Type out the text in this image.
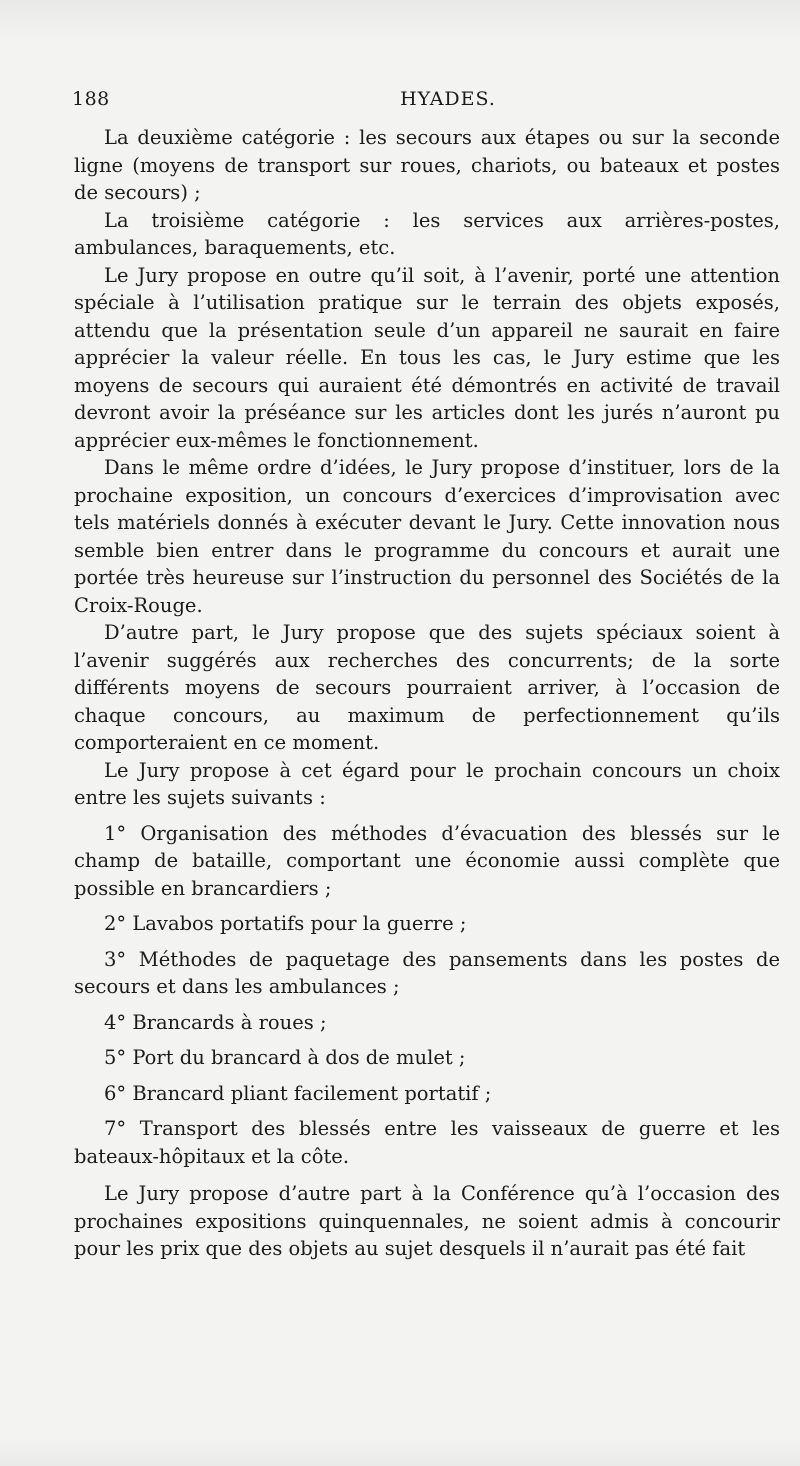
188	HYADES.

La deuxième catégorie : les secours aux étapes ou sur la seconde ligne (moyens de transport sur roues, chariots, ou bateaux et postes de secours) ;

La troisième catégorie : les services aux arrières-postes, ambulances, baraquements, etc.

Le Jury propose en outre qu’il soit, à l’avenir, porté une attention spéciale à l’utilisation pratique sur le terrain des objets exposés, attendu que la présentation seule d’un appareil ne saurait en faire apprécier la valeur réelle. En tous les cas, le Jury estime que les moyens de secours qui auraient été démontrés en activité de travail devront avoir la préséance sur les articles dont les jurés n’auront pu apprécier eux-mêmes le fonctionnement.

Dans le même ordre d’idées, le Jury propose d’instituer, lors de la prochaine exposition, un concours d’exercices d’improvisation avec tels matériels donnés à exécuter devant le Jury. Cette innovation nous semble bien entrer dans le programme du concours et aurait une portée très heureuse sur l’instruction du personnel des Sociétés de la Croix-Rouge.

D’autre part, le Jury propose que des sujets spéciaux soient à l’avenir suggérés aux recherches des concurrents; de la sorte différents moyens de secours pourraient arriver, à l’occasion de chaque concours, au maximum de perfectionnement qu’ils comporteraient en ce moment.

Le Jury propose à cet égard pour le prochain concours un choix entre les sujets suivants :

1° Organisation des méthodes d’évacuation des blessés sur le champ de bataille, comportant une économie aussi complète que possible en brancardiers ;

2° Lavabos portatifs pour la guerre ;

3° Méthodes de paquetage des pansements dans les postes de secours et dans les ambulances ;

4° Brancards à roues ;

5° Port du brancard à dos de mulet ;

6° Brancard pliant facilement portatif ;

7° Transport des blessés entre les vaisseaux de guerre et les bateaux-hôpitaux et la côte.

Le Jury propose d’autre part à la Conférence qu’à l’occasion des prochaines expositions quinquennales, ne soient admis à concourir pour les prix que des objets au sujet desquels il n’aurait pas été fait
